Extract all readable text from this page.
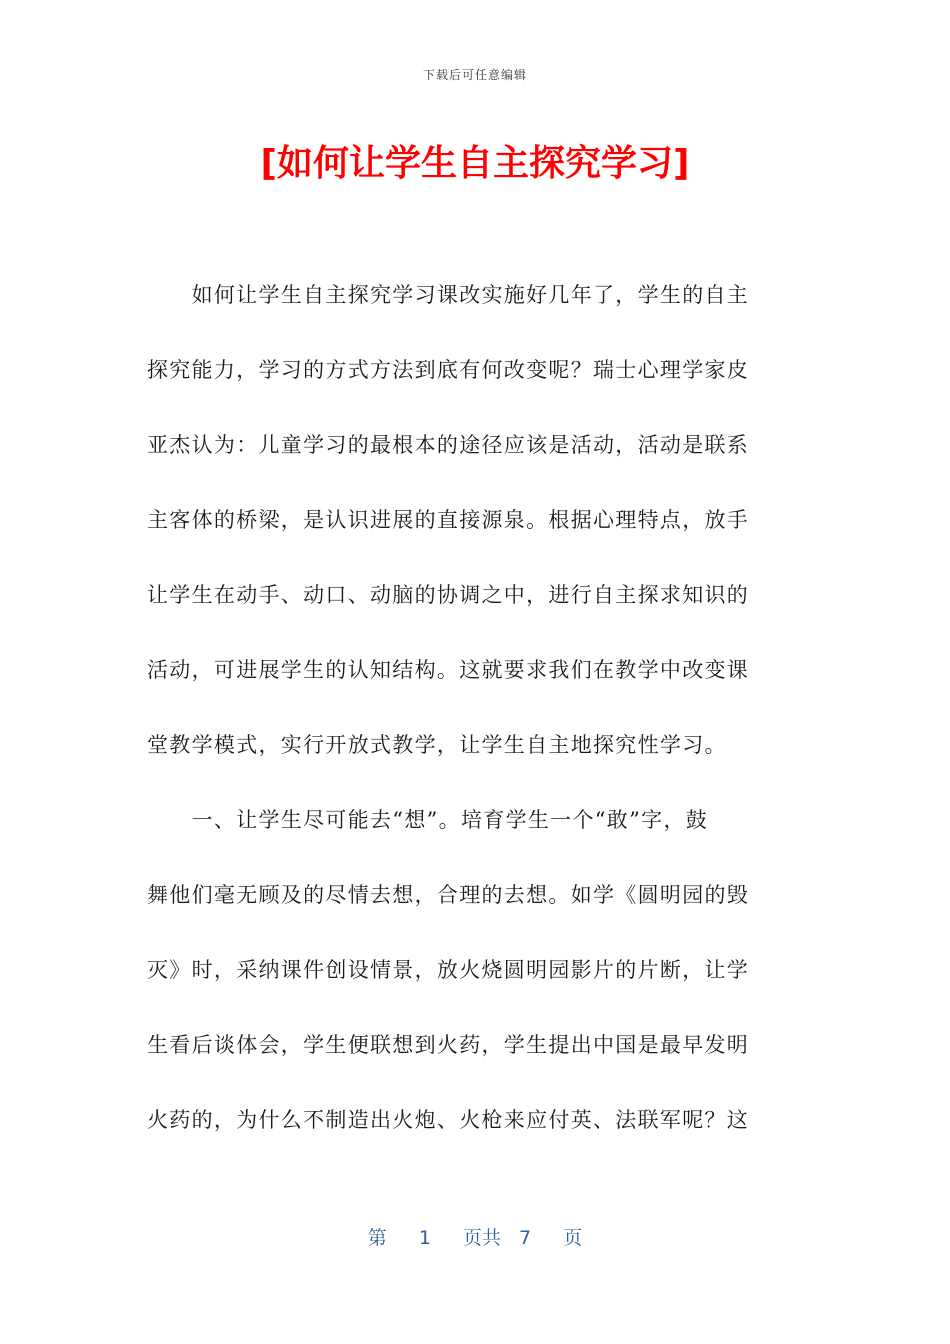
下载后可任意编辑
[如何让学生自主探究学习]
　　如何让学生自主探究学习课改实施好几年了，学生的自主
探究能力，学习的方式方法到底有何改变呢？瑞士心理学家皮
亚杰认为：儿童学习的最根本的途径应该是活动，活动是联系
主客体的桥梁，是认识进展的直接源泉。根据心理特点，放手
让学生在动手、动口、动脑的协调之中，进行自主探求知识的
活动，可进展学生的认知结构。这就要求我们在教学中改变课
堂教学模式，实行开放式教学，让学生自主地探究性学习。
　　一、让学生尽可能去“想”。培育学生一个“敢”字，鼓
舞他们毫无顾及的尽情去想，合理的去想。如学《圆明园的毁
灭》时，采纳课件创设情景，放火烧圆明园影片的片断，让学
生看后谈体会，学生便联想到火药，学生提出中国是最早发明
火药的，为什么不制造出火炮、火枪来应付英、法联军呢？这
第 1 页共 7 页
